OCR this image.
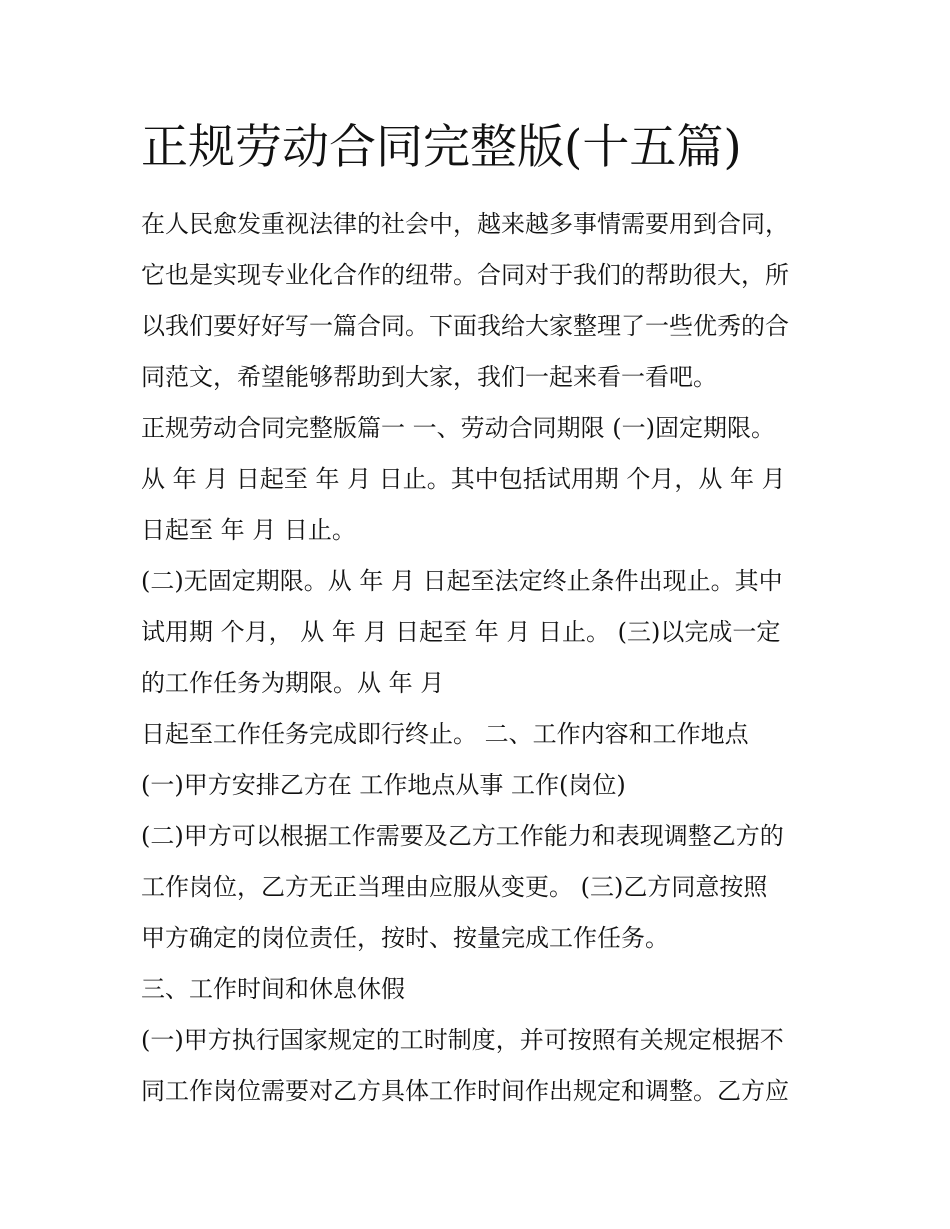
正规劳动合同完整版(十五篇)
在人民愈发重视法律的社会中，越来越多事情需要用到合同，
它也是实现专业化合作的纽带。合同对于我们的帮助很大，所
以我们要好好写一篇合同。下面我给大家整理了一些优秀的合
同范文，希望能够帮助到大家，我们一起来看一看吧。
正规劳动合同完整版篇一 一、劳动合同期限 (一)固定期限。
从 年 月 日起至 年 月 日止。其中包括试用期 个月，从 年 月
日起至 年 月 日止。
(二)无固定期限。从 年 月 日起至法定终止条件出现止。其中
试用期 个月， 从 年 月 日起至 年 月 日止。 (三)以完成一定
的工作任务为期限。从 年 月
日起至工作任务完成即行终止。 二、工作内容和工作地点
(一)甲方安排乙方在 工作地点从事 工作(岗位)
(二)甲方可以根据工作需要及乙方工作能力和表现调整乙方的
工作岗位，乙方无正当理由应服从变更。 (三)乙方同意按照
甲方确定的岗位责任，按时、按量完成工作任务。
三、工作时间和休息休假
(一)甲方执行国家规定的工时制度，并可按照有关规定根据不
同工作岗位需要对乙方具体工作时间作出规定和调整。乙方应
